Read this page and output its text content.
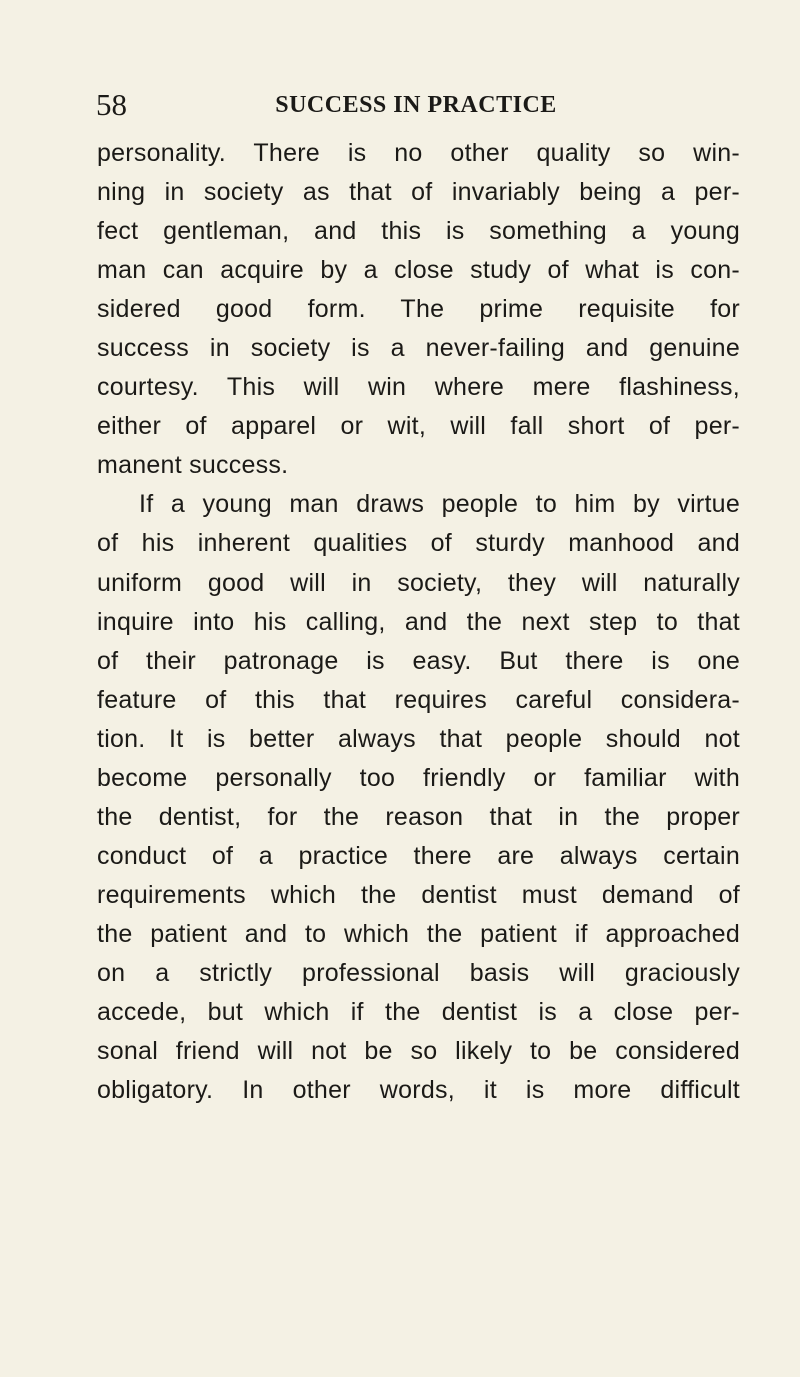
58	SUCCESS IN PRACTICE

personality. There is no other quality so win-

ning in society as that of invariably being a per-

fect gentleman, and this is something a young

man can acquire by a close study of what is con-

sidered good form. The prime requisite for

success in society is a never-failing and genuine

courtesy. This will win where mere flashiness,

either of apparel or wit, will fall short of per-

manent success.

If a young man draws people to him by virtue

of his inherent qualities of sturdy manhood and

uniform good will in society, they will naturally

inquire into his calling, and the next step to that

of their patronage is easy. But there is one

feature of this that requires careful considera-

tion. It is better always that people should not

become personally too friendly or familiar with

the dentist, for the reason that in the proper

conduct of a practice there are always certain

requirements which the dentist must demand of

the patient and to which the patient if approached

on a strictly professional basis will graciously

accede, but which if the dentist is a close per-

sonal friend will not be so likely to be considered

obligatory. In other words, it is more difficult
